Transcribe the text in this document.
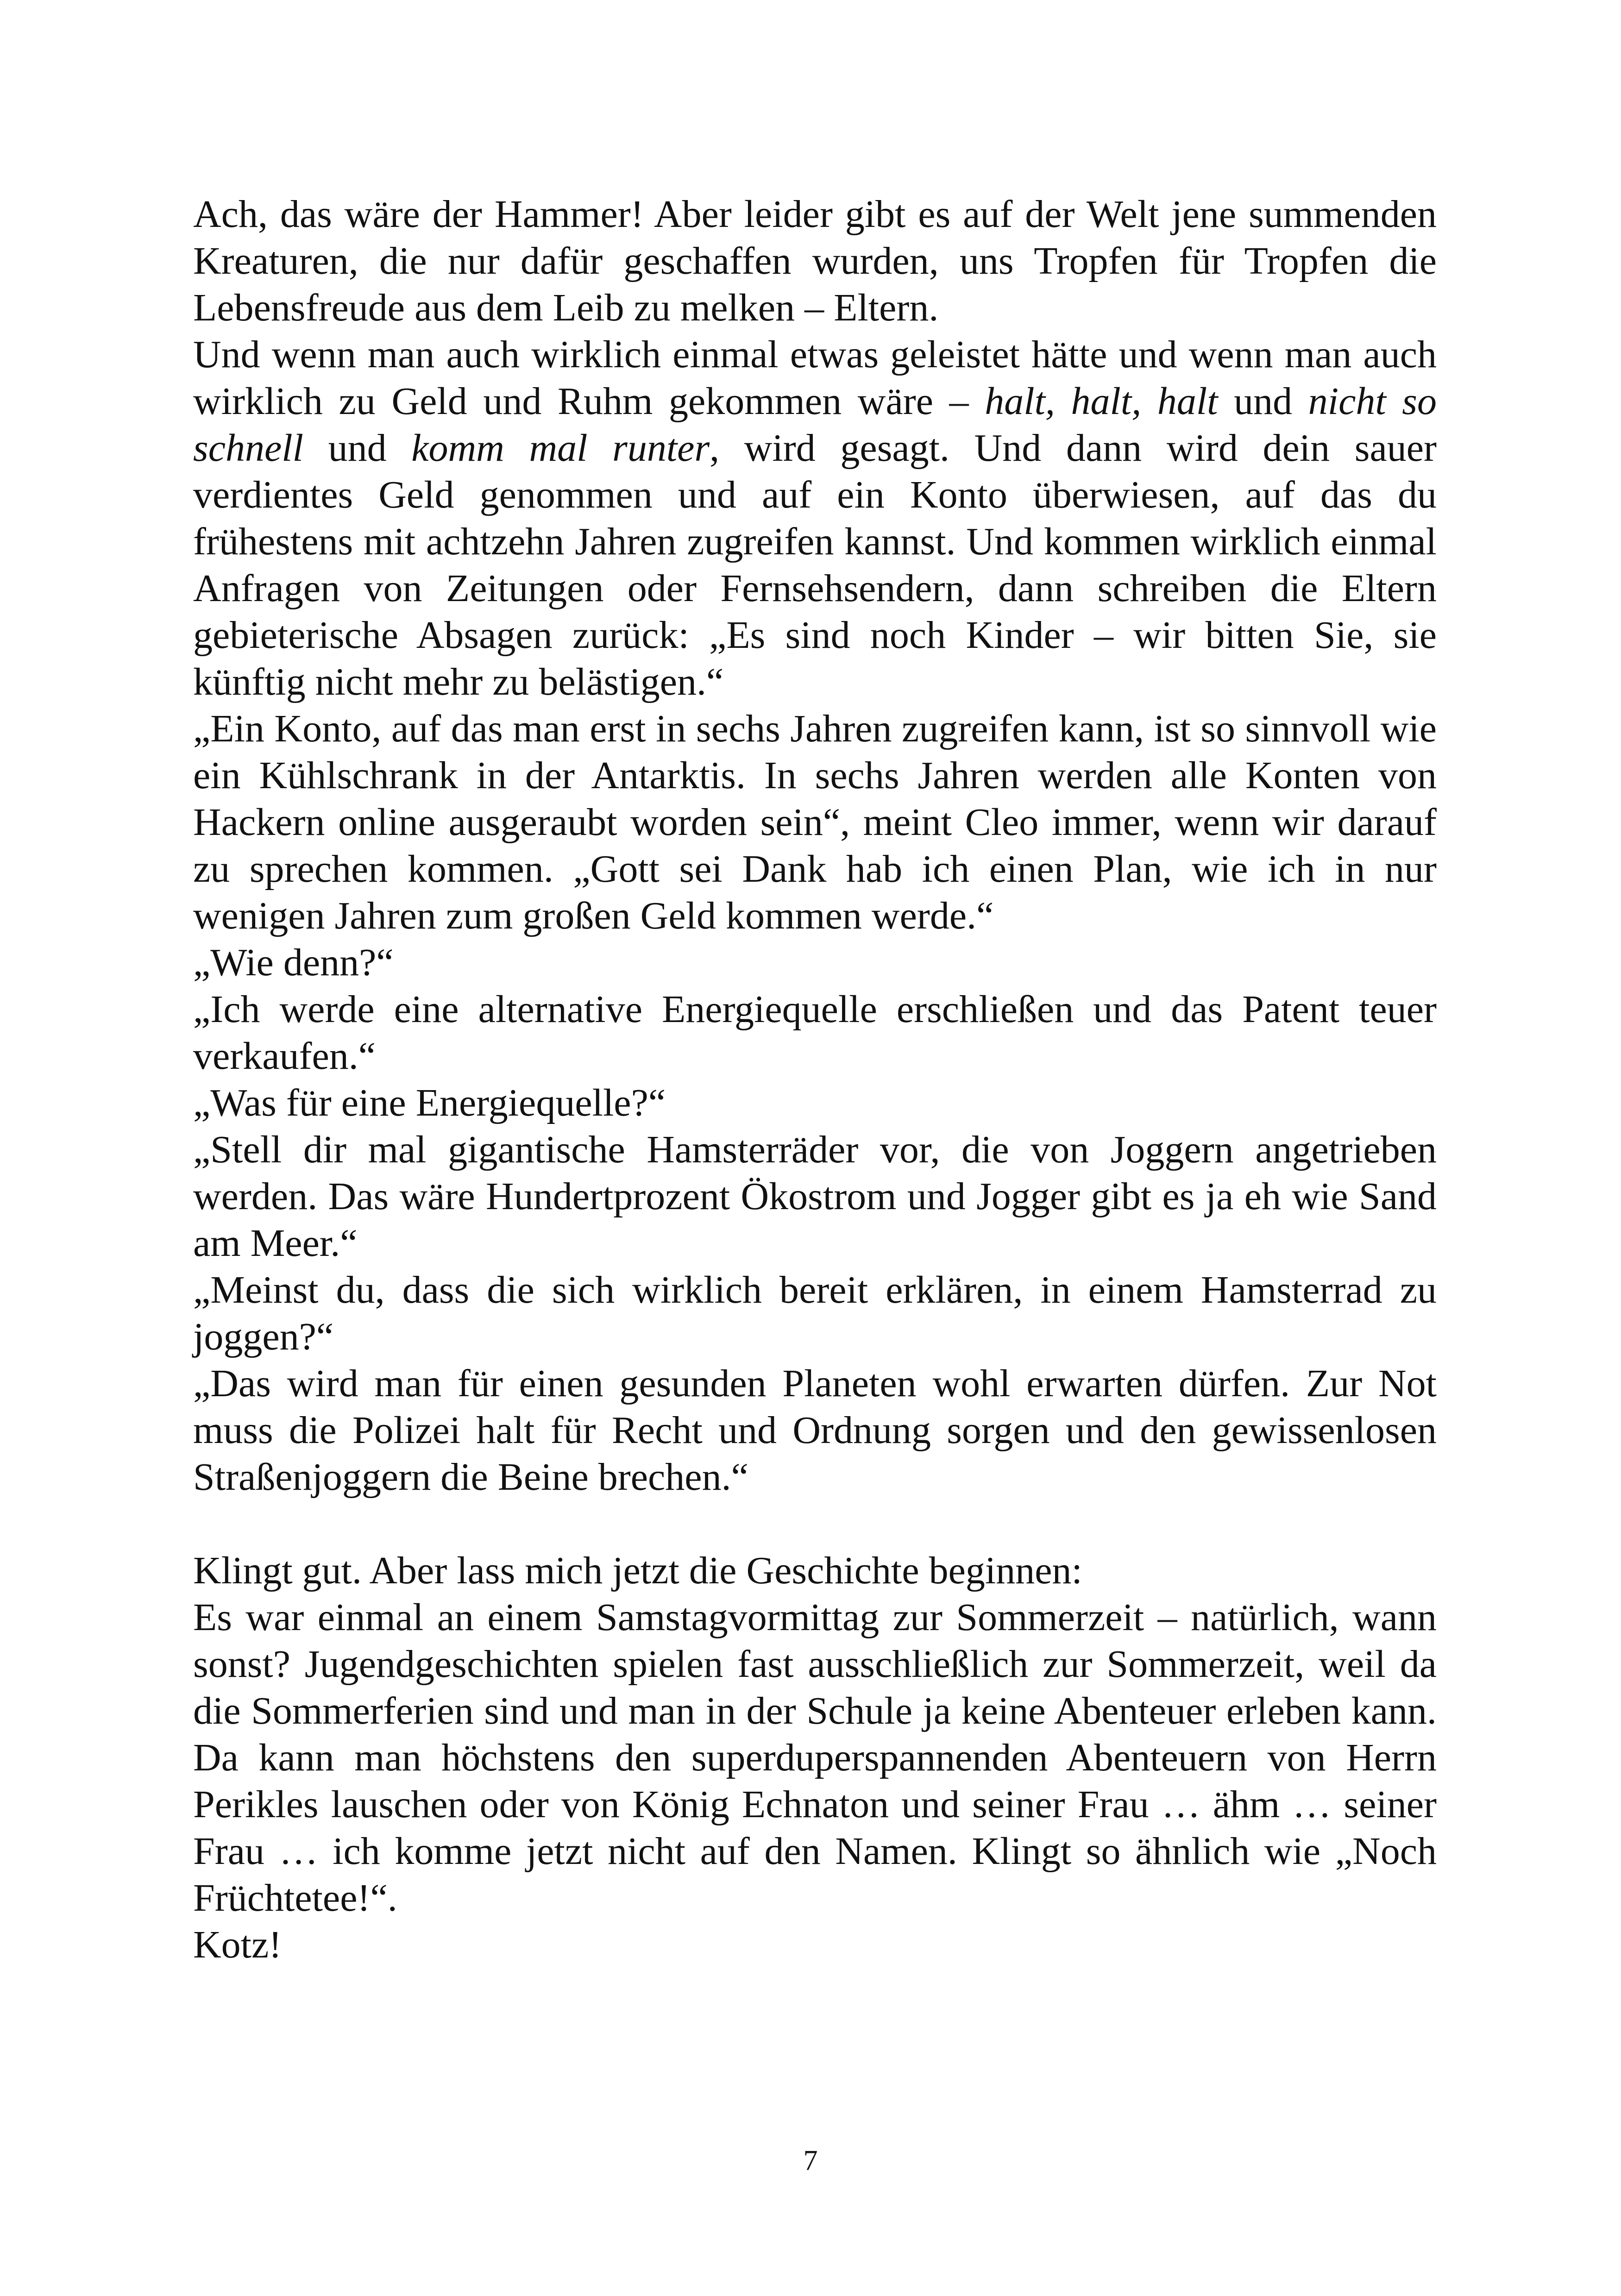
Ach, das wäre der Hammer! Aber leider gibt es auf der Welt jene summenden Kreaturen, die nur dafür geschaffen wurden, uns Tropfen für Tropfen die Lebensfreude aus dem Leib zu melken – Eltern.

Und wenn man auch wirklich einmal etwas geleistet hätte und wenn man auch wirklich zu Geld und Ruhm gekommen wäre – halt, halt, halt und nicht so schnell und komm mal runter, wird gesagt. Und dann wird dein sauer verdientes Geld genommen und auf ein Konto überwiesen, auf das du frühestens mit achtzehn Jahren zugreifen kannst. Und kommen wirklich einmal Anfragen von Zeitungen oder Fernsehsendern, dann schreiben die Eltern gebieterische Absagen zurück: „Es sind noch Kinder – wir bitten Sie, sie künftig nicht mehr zu belästigen.“

„Ein Konto, auf das man erst in sechs Jahren zugreifen kann, ist so sinnvoll wie ein Kühlschrank in der Antarktis. In sechs Jahren werden alle Konten von Hackern online ausgeraubt worden sein“, meint Cleo immer, wenn wir darauf zu sprechen kommen. „Gott sei Dank hab ich einen Plan, wie ich in nur wenigen Jahren zum großen Geld kommen werde.“

„Wie denn?“

„Ich werde eine alternative Energiequelle erschließen und das Patent teuer verkaufen.“

„Was für eine Energiequelle?“

„Stell dir mal gigantische Hamsterräder vor, die von Joggern angetrieben werden. Das wäre Hundertprozent Ökostrom und Jogger gibt es ja eh wie Sand am Meer.“

„Meinst du, dass die sich wirklich bereit erklären, in einem Hamsterrad zu joggen?“

„Das wird man für einen gesunden Planeten wohl erwarten dürfen. Zur Not muss die Polizei halt für Recht und Ordnung sorgen und den gewissenlosen Straßenjoggern die Beine brechen.“

Klingt gut. Aber lass mich jetzt die Geschichte beginnen:

Es war einmal an einem Samstagvormittag zur Sommerzeit – natürlich, wann sonst? Jugendgeschichten spielen fast ausschließlich zur Sommerzeit, weil da die Sommerferien sind und man in der Schule ja keine Abenteuer erleben kann. Da kann man höchstens den superduperspannenden Abenteuern von Herrn Perikles lauschen oder von König Echnaton und seiner Frau … ähm … seiner Frau … ich komme jetzt nicht auf den Namen. Klingt so ähnlich wie „Noch Früchtetee!“.

Kotz!

7
